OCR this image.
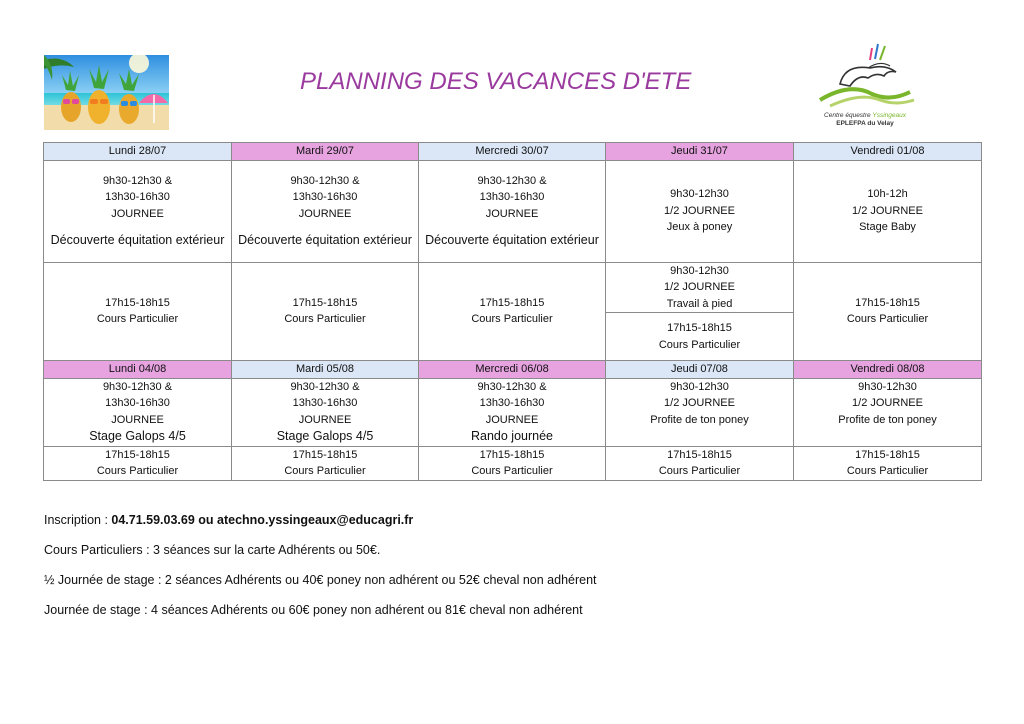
PLANNING DES VACANCES D'ETE
Centre équestre Yssingeaux
EPLEFPA du Velay
Lundi 28/07	Mardi 29/07	Mercredi 30/07	Jeudi 31/07	Vendredi 01/08

9h30-12h30 &
13h30-16h30
JOURNEE
Découverte équitation extérieur	9h30-12h30 &
13h30-16h30
JOURNEE
Découverte équitation extérieur	9h30-12h30 &
13h30-16h30
JOURNEE
Découverte équitation extérieur	9h30-12h30
1/2 JOURNEE
Jeux à poney	10h-12h
1/2 JOURNEE
Stage Baby

17h15-18h15
Cours Particulier	17h15-18h15
Cours Particulier	17h15-18h15
Cours Particulier	9h30-12h30
1/2 JOURNEE
Travail à pied	17h15-18h15
Cours Particulier

			17h15-18h15
Cours Particulier	

Lundi 04/08	Mardi 05/08	Mercredi 06/08	Jeudi 07/08	Vendredi 08/08

9h30-12h30 &
13h30-16h30
JOURNEE
Stage Galops 4/5	9h30-12h30 &
13h30-16h30
JOURNEE
Stage Galops 4/5	9h30-12h30 &
13h30-16h30
JOURNEE
Rando journée	9h30-12h30
1/2 JOURNEE
Profite de ton poney	9h30-12h30
1/2 JOURNEE
Profite de ton poney

17h15-18h15
Cours Particulier	17h15-18h15
Cours Particulier	17h15-18h15
Cours Particulier	17h15-18h15
Cours Particulier	17h15-18h15
Cours Particulier

Inscription : 04.71.59.03.69 ou atechno.yssingeaux@educagri.fr

Cours Particuliers : 3 séances sur la carte Adhérents ou 50€.

½ Journée de stage : 2 séances Adhérents ou 40€ poney non adhérent ou 52€ cheval non adhérent

Journée de stage : 4 séances Adhérents ou 60€ poney non adhérent ou 81€ cheval non adhérent
